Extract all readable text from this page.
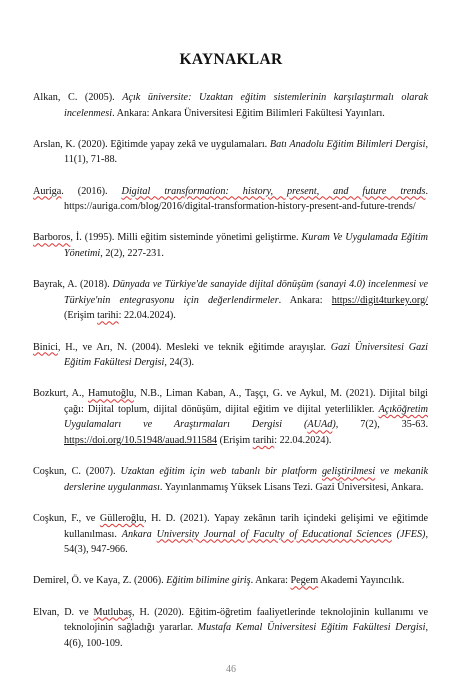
KAYNAKLAR

Alkan, C. (2005). Açık üniversite: Uzaktan eğitim sistemlerinin karşılaştırmalı olarak incelenmesi. Ankara: Ankara Üniversitesi Eğitim Bilimleri Fakültesi Yayınları.

Arslan, K. (2020). Eğitimde yapay zekâ ve uygulamaları. Batı Anadolu Eğitim Bilimleri Dergisi, 11(1), 71-88.

Auriga. (2016). Digital transformation: history, present, and future trends. https://auriga.com/blog/2016/digital-transformation-history-present-and-future-trends/

Barboros, İ. (1995). Milli eğitim sisteminde yönetimi geliştirme. Kuram Ve Uygulamada Eğitim Yönetimi, 2(2), 227-231.

Bayrak, A. (2018). Dünyada ve Türkiye'de sanayide dijital dönüşüm (sanayi 4.0) incelenmesi ve Türkiye'nin entegrasyonu için değerlendirmeler. Ankara: https://digit4turkey.org/ (Erişim tarihi: 22.04.2024).

Binici, H., ve Arı, N. (2004). Mesleki ve teknik eğitimde arayışlar. Gazi Üniversitesi Gazi Eğitim Fakültesi Dergisi, 24(3).

Bozkurt, A., Hamutoğlu, N.B., Liman Kaban, A., Taşçı, G. ve Aykul, M. (2021). Dijital bilgi çağı: Dijital toplum, dijital dönüşüm, dijital eğitim ve dijital yeterlilikler. Açıköğretim Uygulamaları ve Araştırmaları Dergisi (AUAd), 7(2), 35-63. https://doi.org/10.51948/auad.911584 (Erişim tarihi: 22.04.2024).

Coşkun, C. (2007). Uzaktan eğitim için web tabanlı bir platform geliştirilmesi ve mekanik derslerine uygulanması. Yayınlanmamış Yüksek Lisans Tezi. Gazi Üniversitesi, Ankara.

Coşkun, F., ve Gülleroğlu, H. D. (2021). Yapay zekânın tarih içindeki gelişimi ve eğitimde kullanılması. Ankara University Journal of Faculty of Educational Sciences (JFES), 54(3), 947-966.

Demirel, Ö. ve Kaya, Z. (2006). Eğitim bilimine giriş. Ankara: Pegem Akademi Yayıncılık.

Elvan, D. ve Mutlubaş, H. (2020). Eğitim-öğretim faaliyetlerinde teknolojinin kullanımı ve teknolojinin sağladığı yararlar. Mustafa Kemal Üniversitesi Eğitim Fakültesi Dergisi, 4(6), 100-109.

46
